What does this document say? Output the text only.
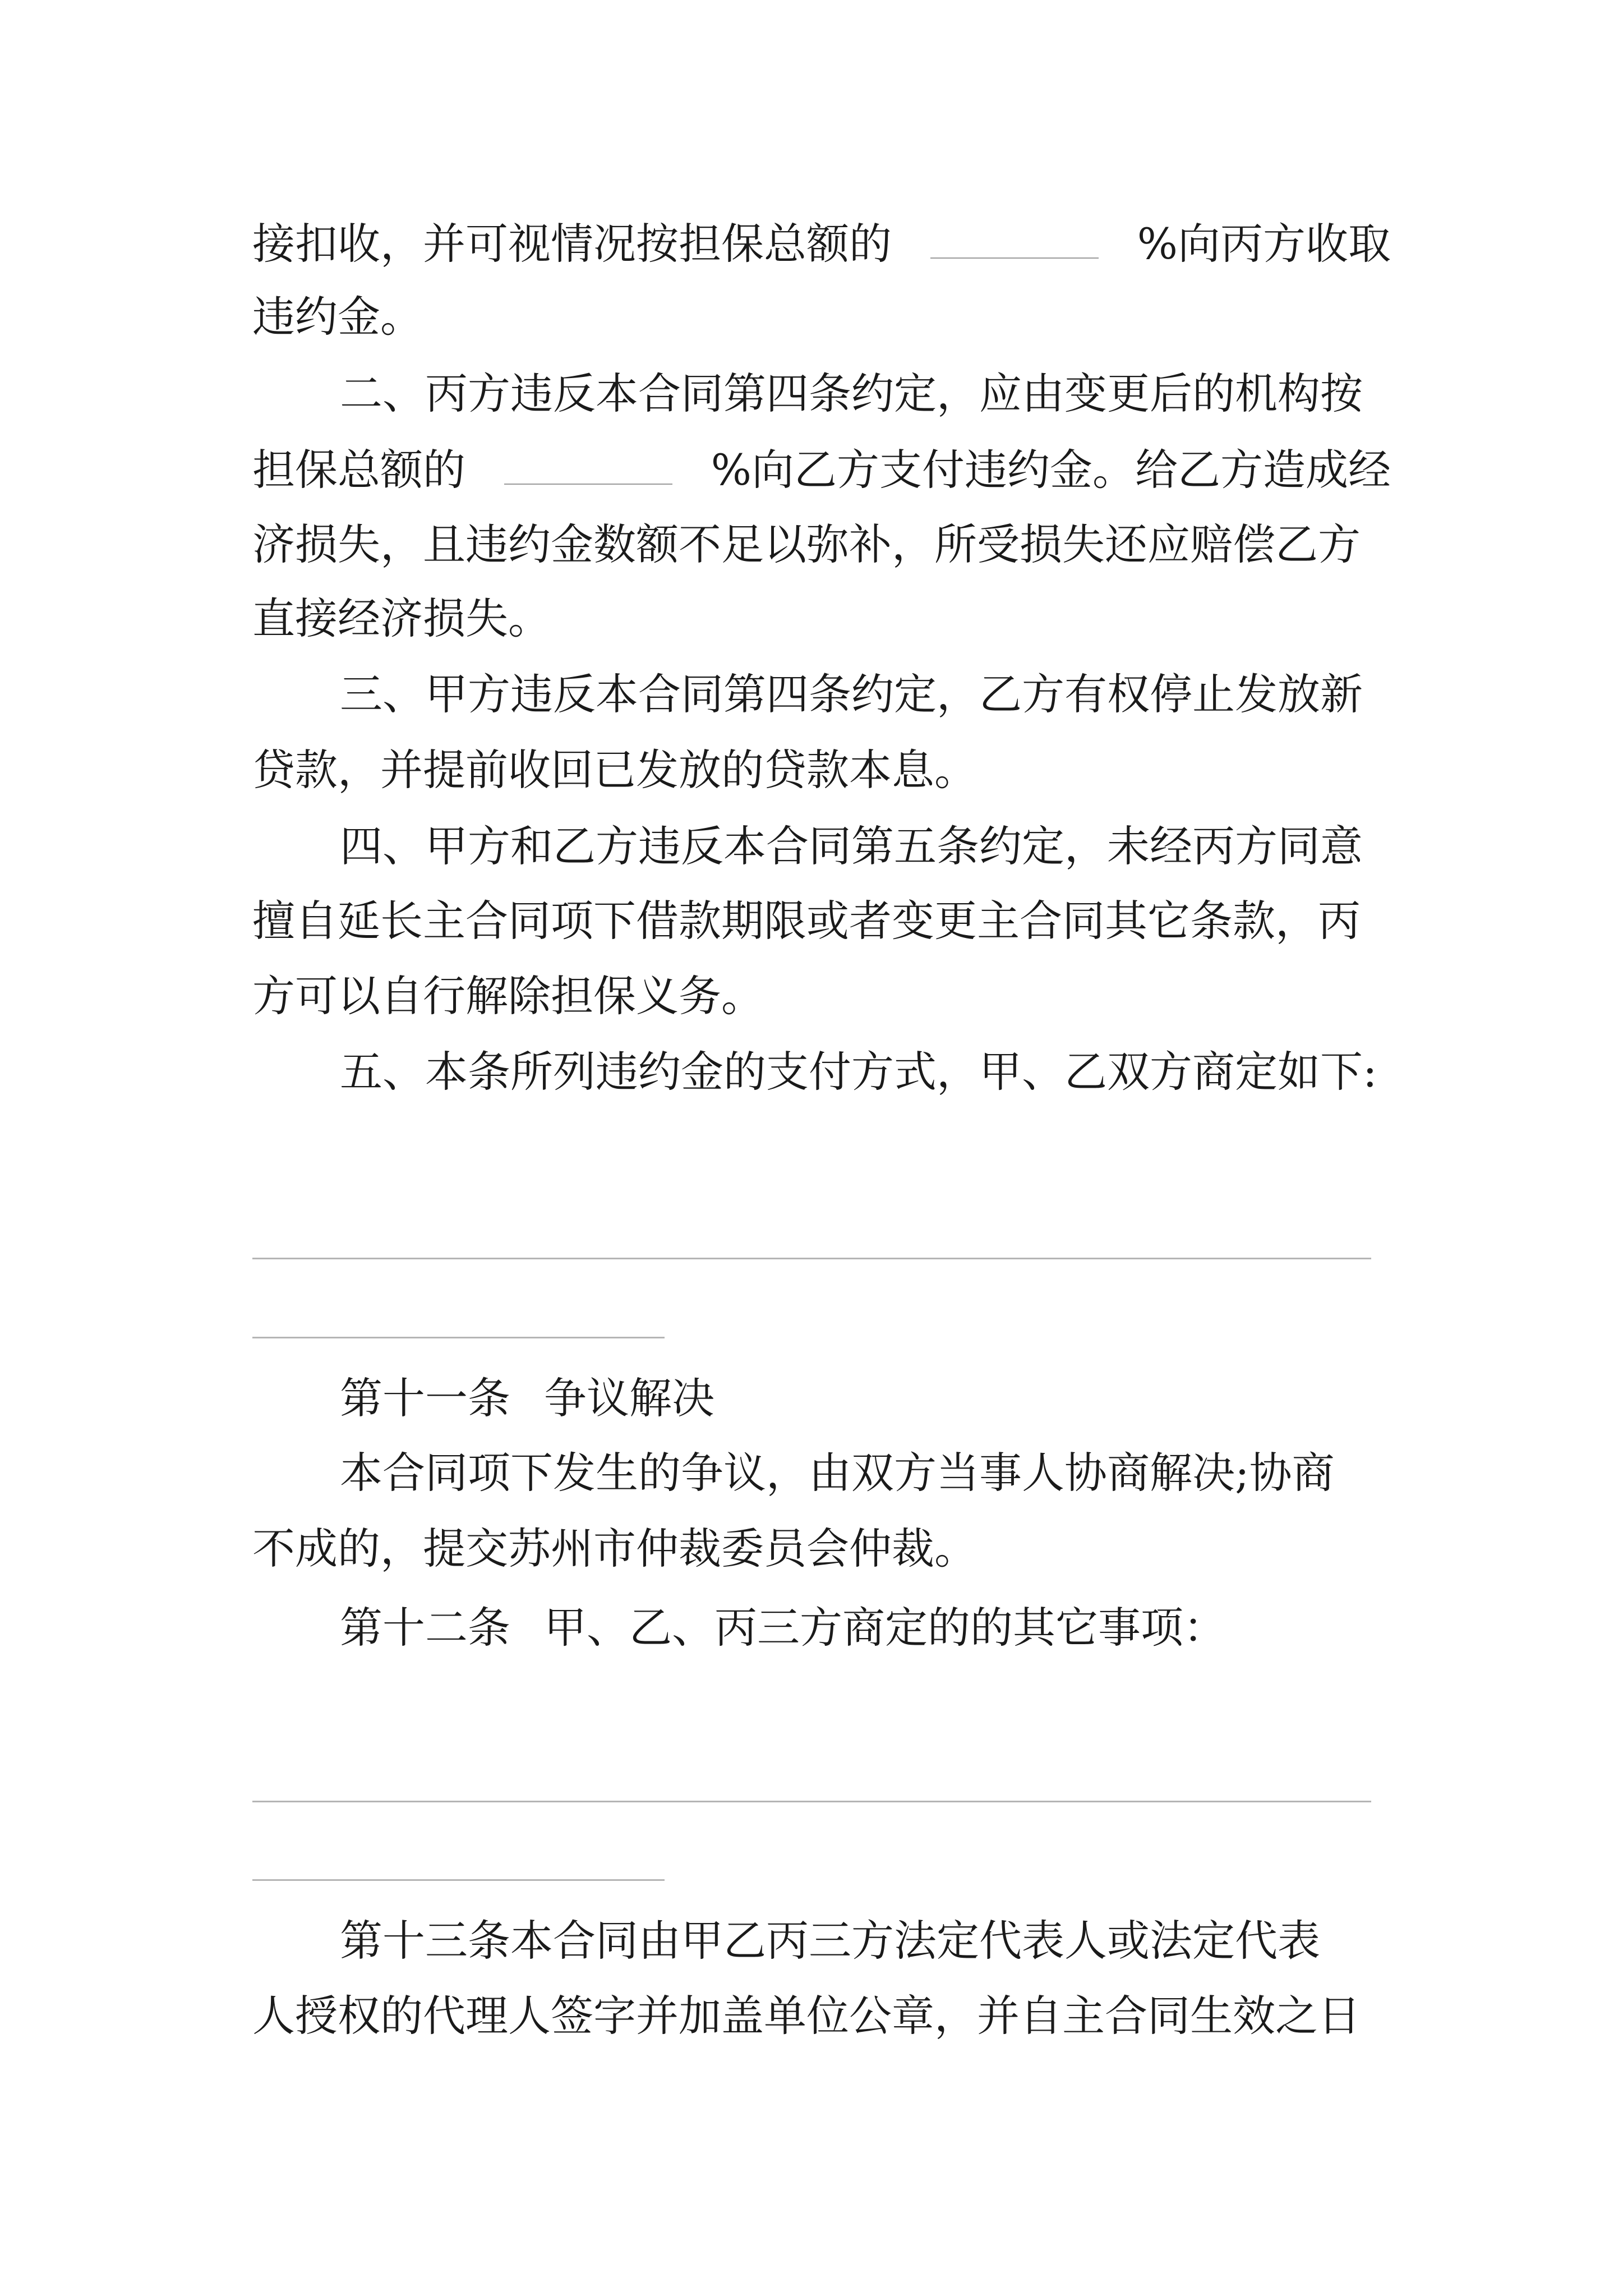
接扣收，并可视情况按担保总额的	%向丙方收取
违约金。
二、丙方违反本合同第四条约定，应由变更后的机构按
担保总额的	%向乙方支付违约金。给乙方造成经
济损失，且违约金数额不足以弥补，所受损失还应赔偿乙方
直接经济损失。
三、甲方违反本合同第四条约定，乙方有权停止发放新
贷款，并提前收回已发放的贷款本息。
四、甲方和乙方违反本合同第五条约定，未经丙方同意
擅自延长主合同项下借款期限或者变更主合同其它条款，丙
方可以自行解除担保义务。
五、本条所列违约金的支付方式，甲、乙双方商定如下:
第十一条 争议解决
本合同项下发生的争议，由双方当事人协商解决;协商
不成的，提交苏州市仲裁委员会仲裁。
第十二条 甲、乙、丙三方商定的的其它事项：
第十三条本合同由甲乙丙三方法定代表人或法定代表
人授权的代理人签字并加盖单位公章，并自主合同生效之日
